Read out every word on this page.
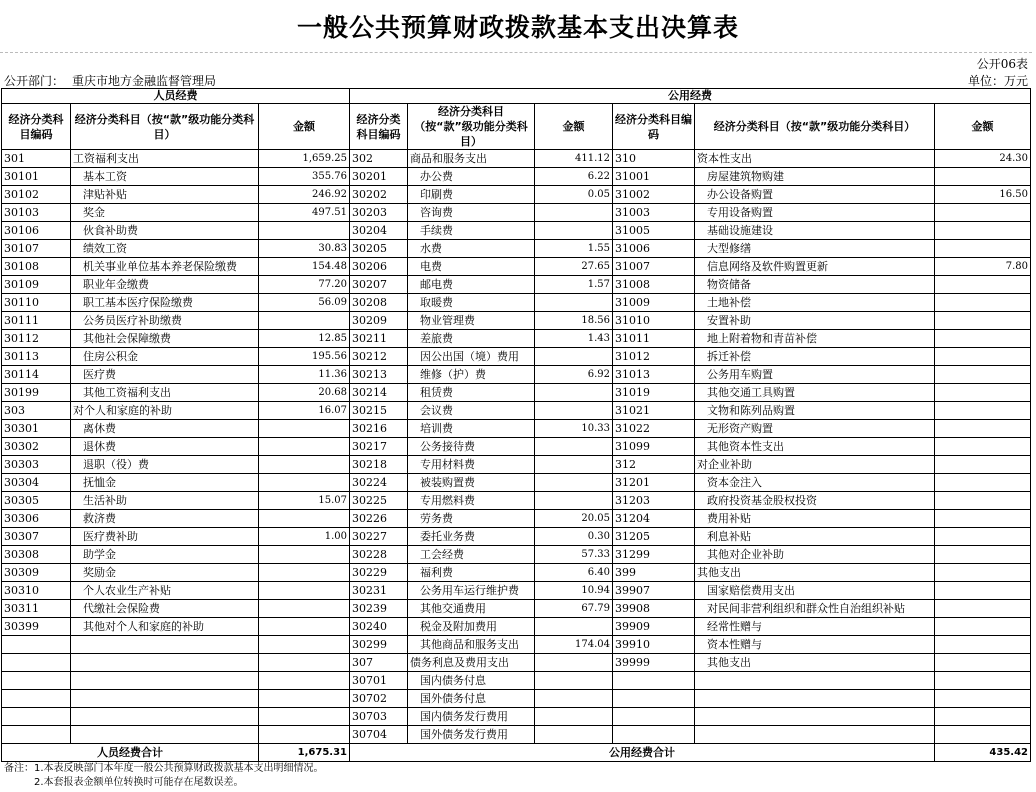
一般公共预算财政拨款基本支出决算表
公开06表
公开部门： 重庆市地方金融监督管理局	单位：万元
人员经费			公用经费					
经济分类科目编码	经济分类科目（按“款”级功能分类科目）	金额	经济分类科目编码	经济分类科目（按“款”级功能分类科目）	金额	经济分类科目编码	经济分类科目（按“款”级功能分类科目）	金额
301	工资福利支出	1,659.25	302	商品和服务支出	411.12	310	资本性支出	24.30
30101	基本工资	355.76	30201	办公费	6.22	31001	房屋建筑物购建	
30102	津贴补贴	246.92	30202	印刷费	0.05	31002	办公设备购置	16.50
30103	奖金	497.51	30203	咨询费		31003	专用设备购置	
30106	伙食补助费		30204	手续费		31005	基础设施建设	
30107	绩效工资	30.83	30205	水费	1.55	31006	大型修缮	
30108	机关事业单位基本养老保险缴费	154.48	30206	电费	27.65	31007	信息网络及软件购置更新	7.80
30109	职业年金缴费	77.20	30207	邮电费	1.57	31008	物资储备	
30110	职工基本医疗保险缴费	56.09	30208	取暖费		31009	土地补偿	
30111	公务员医疗补助缴费		30209	物业管理费	18.56	31010	安置补助	
30112	其他社会保障缴费	12.85	30211	差旅费	1.43	31011	地上附着物和青苗补偿	
30113	住房公积金	195.56	30212	因公出国（境）费用		31012	拆迁补偿	
30114	医疗费	11.36	30213	维修（护）费	6.92	31013	公务用车购置	
30199	其他工资福利支出	20.68	30214	租赁费		31019	其他交通工具购置	
303	对个人和家庭的补助	16.07	30215	会议费		31021	文物和陈列品购置	
30301	离休费		30216	培训费	10.33	31022	无形资产购置	
30302	退休费		30217	公务接待费		31099	其他资本性支出	
30303	退职（役）费		30218	专用材料费		312	对企业补助	
30304	抚恤金		30224	被装购置费		31201	资本金注入	
30305	生活补助	15.07	30225	专用燃料费		31203	政府投资基金股权投资	
30306	救济费		30226	劳务费	20.05	31204	费用补贴	
30307	医疗费补助	1.00	30227	委托业务费	0.30	31205	利息补贴	
30308	助学金		30228	工会经费	57.33	31299	其他对企业补助	
30309	奖励金		30229	福利费	6.40	399	其他支出	
30310	个人农业生产补贴		30231	公务用车运行维护费	10.94	39907	国家赔偿费用支出	
30311	代缴社会保险费		30239	其他交通费用	67.79	39908	对民间非营利组织和群众性自治组织补贴	
30399	其他对个人和家庭的补助		30240	税金及附加费用		39909	经常性赠与	
			30299	其他商品和服务支出	174.04	39910	资本性赠与	
			307	债务利息及费用支出		39999	其他支出	
			30701	国内债务付息				
			30702	国外债务付息				
			30703	国内债务发行费用				
			30704	国外债务发行费用				
人员经费合计		1,675.31	公用经费合计					435.42
备注：1.本表反映部门本年度一般公共预算财政拨款基本支出明细情况。
2.本套报表金额单位转换时可能存在尾数误差。
